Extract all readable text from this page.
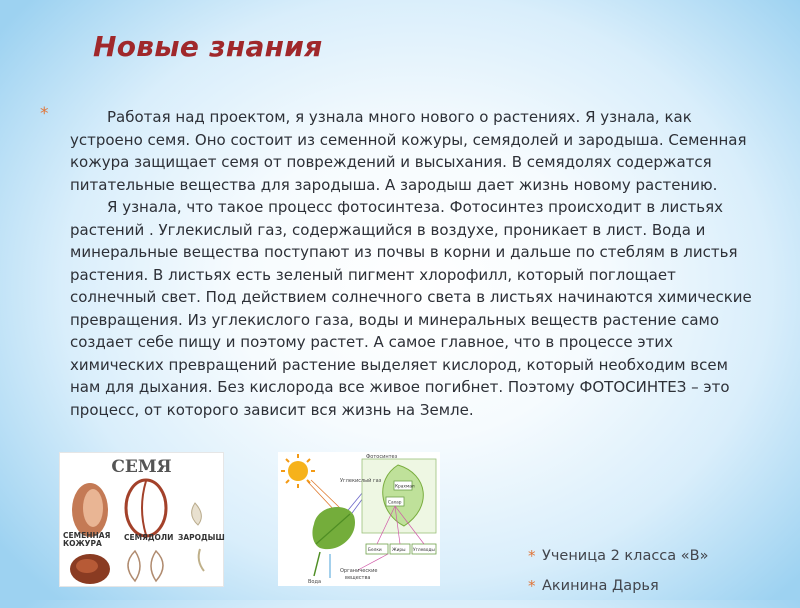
Новые знания
*	Работая над проектом, я узнала много нового о растениях. Я узнала, как устроено семя. Оно состоит из семенной кожуры, семядолей и зародыша. Семенная кожура защищает семя от повреждений и высыхания. В семядолях содержатся питательные вещества для зародыша. А зародыш дает жизнь новому растению.

Я узнала, что такое процесс фотосинтеза. Фотосинтез происходит в листьях растений . Углекислый газ, содержащийся в воздухе, проникает в лист. Вода и минеральные вещества поступают из почвы в корни и дальше по стеблям в листья растения. В листьях есть зеленый пигмент хлорофилл, который поглощает солнечный свет. Под действием солнечного света в листьях начинаются химические превращения. Из углекислого газа, воды и минеральных веществ растение само создает себе пищу и поэтому растет. А самое главное, что в процессе этих химических превращений растение выделяет кислород, который необходим всем нам для дыхания. Без кислорода все живое погибнет. Поэтому ФОТОСИНТЕЗ – это процесс, от которого зависит вся жизнь на Земле.

СЕМЯ
СЕМЕННАЯ
КОЖУРА
СЕМЯДОЛИ ЗАРОДЫШ
Фотосинтез
Углекислый газ
Крахмал
Сахар
Белки Жиры Углеводы
Вода
Органические
вещества
* Ученица 2 класса «В»
* Акинина Дарья
